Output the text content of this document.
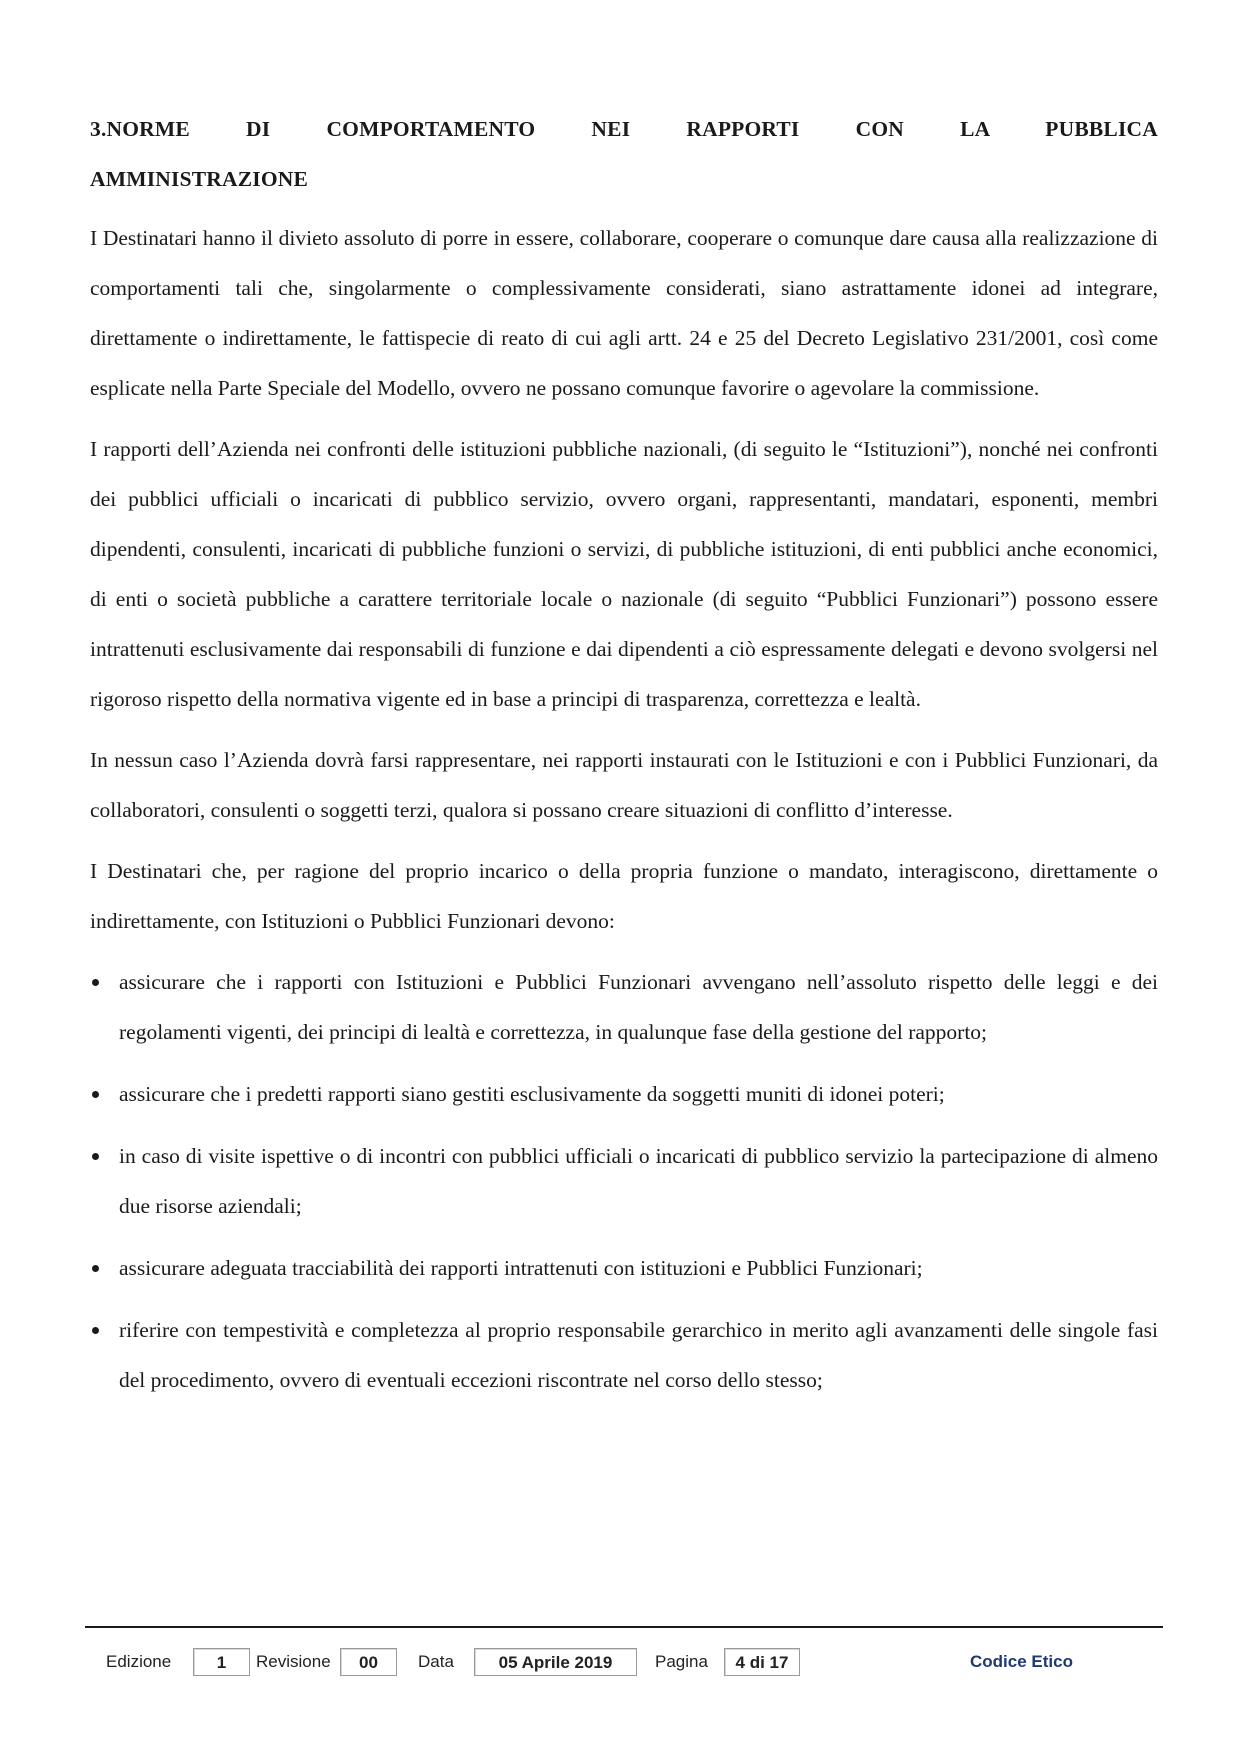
3.NORME DI COMPORTAMENTO NEI RAPPORTI CON LA PUBBLICA
AMMINISTRAZIONE

I Destinatari hanno il divieto assoluto di porre in essere, collaborare, cooperare o comunque dare causa alla realizzazione di comportamenti tali che, singolarmente o complessivamente considerati, siano astrattamente idonei ad integrare, direttamente o indirettamente, le fattispecie di reato di cui agli artt. 24 e 25 del Decreto Legislativo 231/2001, così come esplicate nella Parte Speciale del Modello, ovvero ne possano comunque favorire o agevolare la commissione.

I rapporti dell’Azienda nei confronti delle istituzioni pubbliche nazionali, (di seguito le “Istituzioni”), nonché nei confronti dei pubblici ufficiali o incaricati di pubblico servizio, ovvero organi, rappresentanti, mandatari, esponenti, membri dipendenti, consulenti, incaricati di pubbliche funzioni o servizi, di pubbliche istituzioni, di enti pubblici anche economici, di enti o società pubbliche a carattere territoriale locale o nazionale (di seguito “Pubblici Funzionari”) possono essere intrattenuti esclusivamente dai responsabili di funzione e dai dipendenti a ciò espressamente delegati e devono svolgersi nel rigoroso rispetto della normativa vigente ed in base a principi di trasparenza, correttezza e lealtà.

In nessun caso l’Azienda dovrà farsi rappresentare, nei rapporti instaurati con le Istituzioni e con i Pubblici Funzionari, da collaboratori, consulenti o soggetti terzi, qualora si possano creare situazioni di conflitto d’interesse.

I Destinatari che, per ragione del proprio incarico o della propria funzione o mandato, interagiscono, direttamente o indirettamente, con Istituzioni o Pubblici Funzionari devono:

assicurare che i rapporti con Istituzioni e Pubblici Funzionari avvengano nell’assoluto rispetto delle leggi e dei regolamenti vigenti, dei principi di lealtà e correttezza, in qualunque fase della gestione del rapporto;
assicurare che i predetti rapporti siano gestiti esclusivamente da soggetti muniti di idonei poteri;
in caso di visite ispettive o di incontri con pubblici ufficiali o incaricati di pubblico servizio la partecipazione di almeno due risorse aziendali;
assicurare adeguata tracciabilità dei rapporti intrattenuti con istituzioni e Pubblici Funzionari;
riferire con tempestività e completezza al proprio responsabile gerarchico in merito agli avanzamenti delle singole fasi del procedimento, ovvero di eventuali eccezioni riscontrate nel corso dello stesso;
Edizione	1	Revisione	00	Data	05 Aprile 2019	Pagina	4 di 17	Codice Etico
